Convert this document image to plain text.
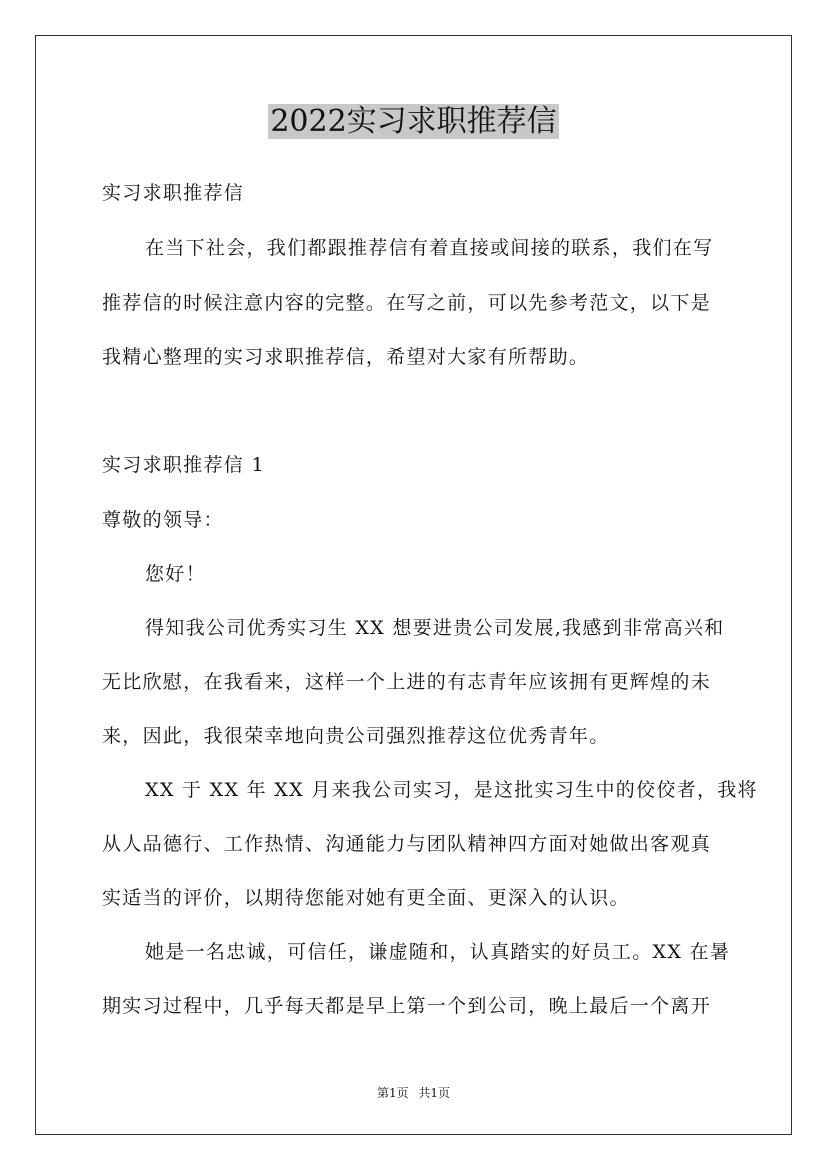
2022实习求职推荐信

实习求职推荐信

在当下社会，我们都跟推荐信有着直接或间接的联系，我们在写

推荐信的时候注意内容的完整。在写之前，可以先参考范文，以下是

我精心整理的实习求职推荐信，希望对大家有所帮助。

实习求职推荐信 1

尊敬的领导：

您好！

得知我公司优秀实习生 XX 想要进贵公司发展,我感到非常高兴和

无比欣慰，在我看来，这样一个上进的有志青年应该拥有更辉煌的未

来，因此，我很荣幸地向贵公司强烈推荐这位优秀青年。

XX 于 XX 年 XX 月来我公司实习，是这批实习生中的佼佼者，我将

从人品德行、工作热情、沟通能力与团队精神四方面对她做出客观真

实适当的评价，以期待您能对她有更全面、更深入的认识。

她是一名忠诚，可信任，谦虚随和，认真踏实的好员工。XX 在暑

期实习过程中，几乎每天都是早上第一个到公司，晚上最后一个离开

第1页 共1页
